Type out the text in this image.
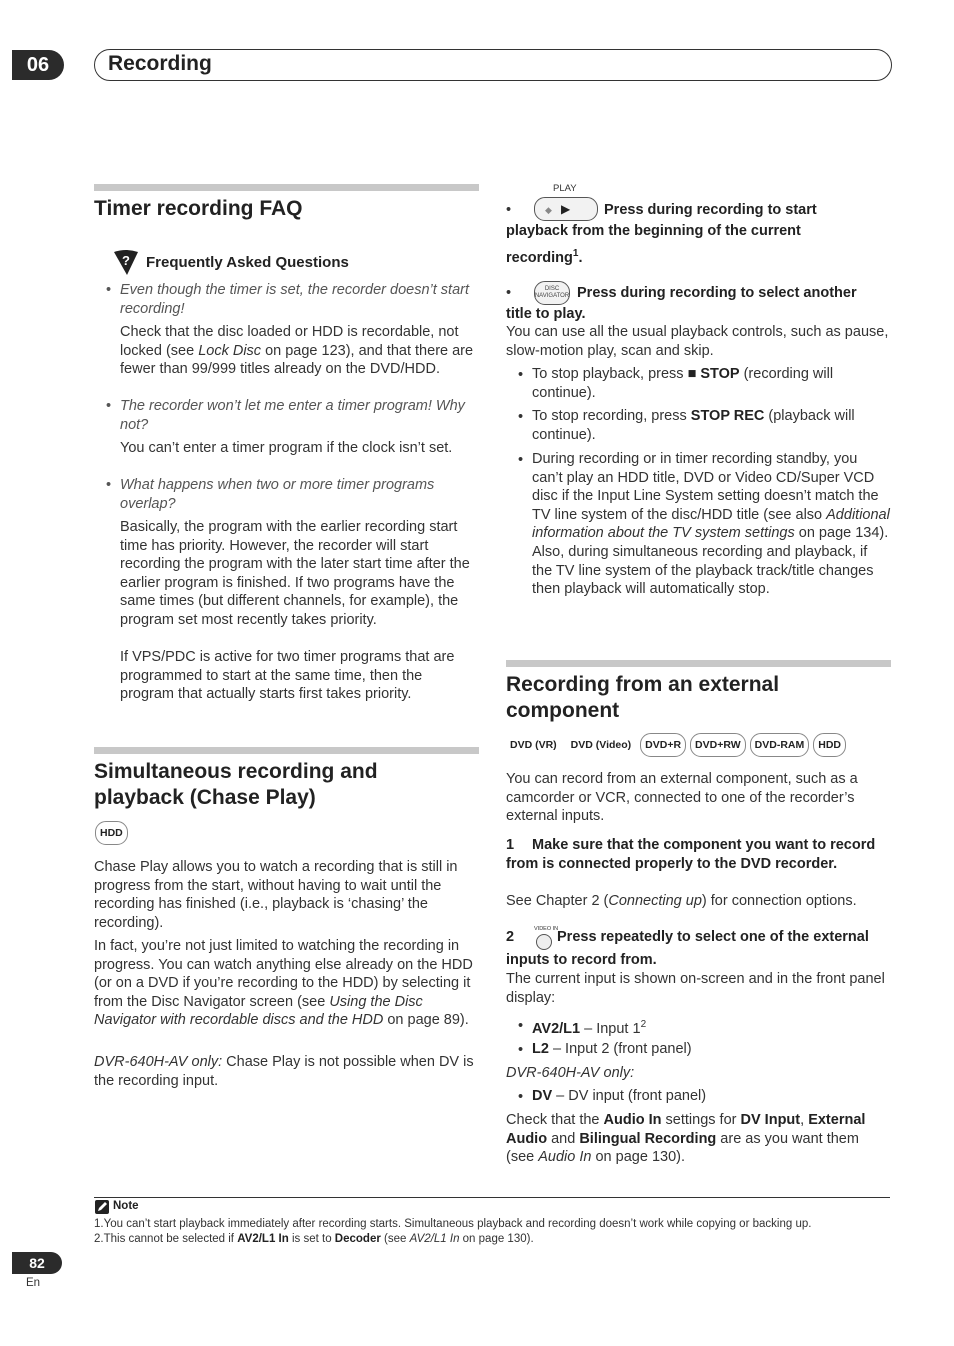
06	Recording
Timer recording FAQ
? Frequently Asked Questions
• Even though the timer is set, the recorder doesn’t start recording!

Check that the disc loaded or HDD is recordable, not locked (see Lock Disc on page 123), and that there are fewer than 99/999 titles already on the DVD/HDD.

• The recorder won’t let me enter a timer program! Why not?

You can’t enter a timer program if the clock isn’t set.

• What happens when two or more timer programs overlap?

Basically, the program with the earlier recording start time has priority. However, the recorder will start recording the program with the later start time after the earlier program is finished. If two programs have the same times (but different channels, for example), the program set most recently takes priority.

If VPS/PDC is active for two timer programs that are programmed to start at the same time, then the program that actually starts first takes priority.

Simultaneous recording and
playback (Chase Play)
HDD

Chase Play allows you to watch a recording that is still in progress from the start, without having to wait until the recording has finished (i.e., playback is ‘chasing’ the recording).

In fact, you’re not just limited to watching the recording in progress. You can watch anything else already on the HDD (or on a DVD if you’re recording to the HDD) by selecting it from the Disc Navigator screen (see Using the Disc Navigator with recordable discs and the HDD on page 89).

DVR-640H-AV only: Chase Play is not possible when DV is the recording input.

PLAY
•	◆ ▶ Press during recording to start
playback from the beginning of the current
recording$^1$.
•	DISC NAVIGATOR Press during recording to select another
title to play.

You can use all the usual playback controls, such as pause, slow-motion play, scan and skip.

• To stop playback, press ■ STOP (recording will continue).

• To stop recording, press STOP REC (playback will continue).

• During recording or in timer recording standby, you can’t play an HDD title, DVD or Video CD/Super VCD disc if the Input Line System setting doesn’t match the TV line system of the disc/HDD title (see also Additional information about the TV system settings on page 134). Also, during simultaneous recording and playback, if the TV line system of the playback track/title changes then playback will automatically stop.

Recording from an external
component
DVD (VR) DVD (Video) DVD+R DVD+RW DVD-RAM HDD

You can record from an external component, such as a camcorder or VCR, connected to one of the recorder’s external inputs.

1	Make sure that the component you want to record from is connected properly to the DVD recorder.

See Chapter 2 (Connecting up) for connection options.

2	VIDEO IN
Press repeatedly to select one of the external
inputs to record from.

The current input is shown on-screen and in the front panel display:

• AV2/L1 – Input $1^2$

• L2 – Input 2 (front panel)

DVR-640H-AV only:

• DV – DV input (front panel)

Check that the Audio In settings for DV Input, External Audio and Bilingual Recording are as you want them (see Audio In on page 130).

Note

1.You can’t start playback immediately after recording starts. Simultaneous playback and recording doesn’t work while copying or backing up.

2.This cannot be selected if AV2/L1 In is set to Decoder (see AV2/L1 In on page 130).

82
En
